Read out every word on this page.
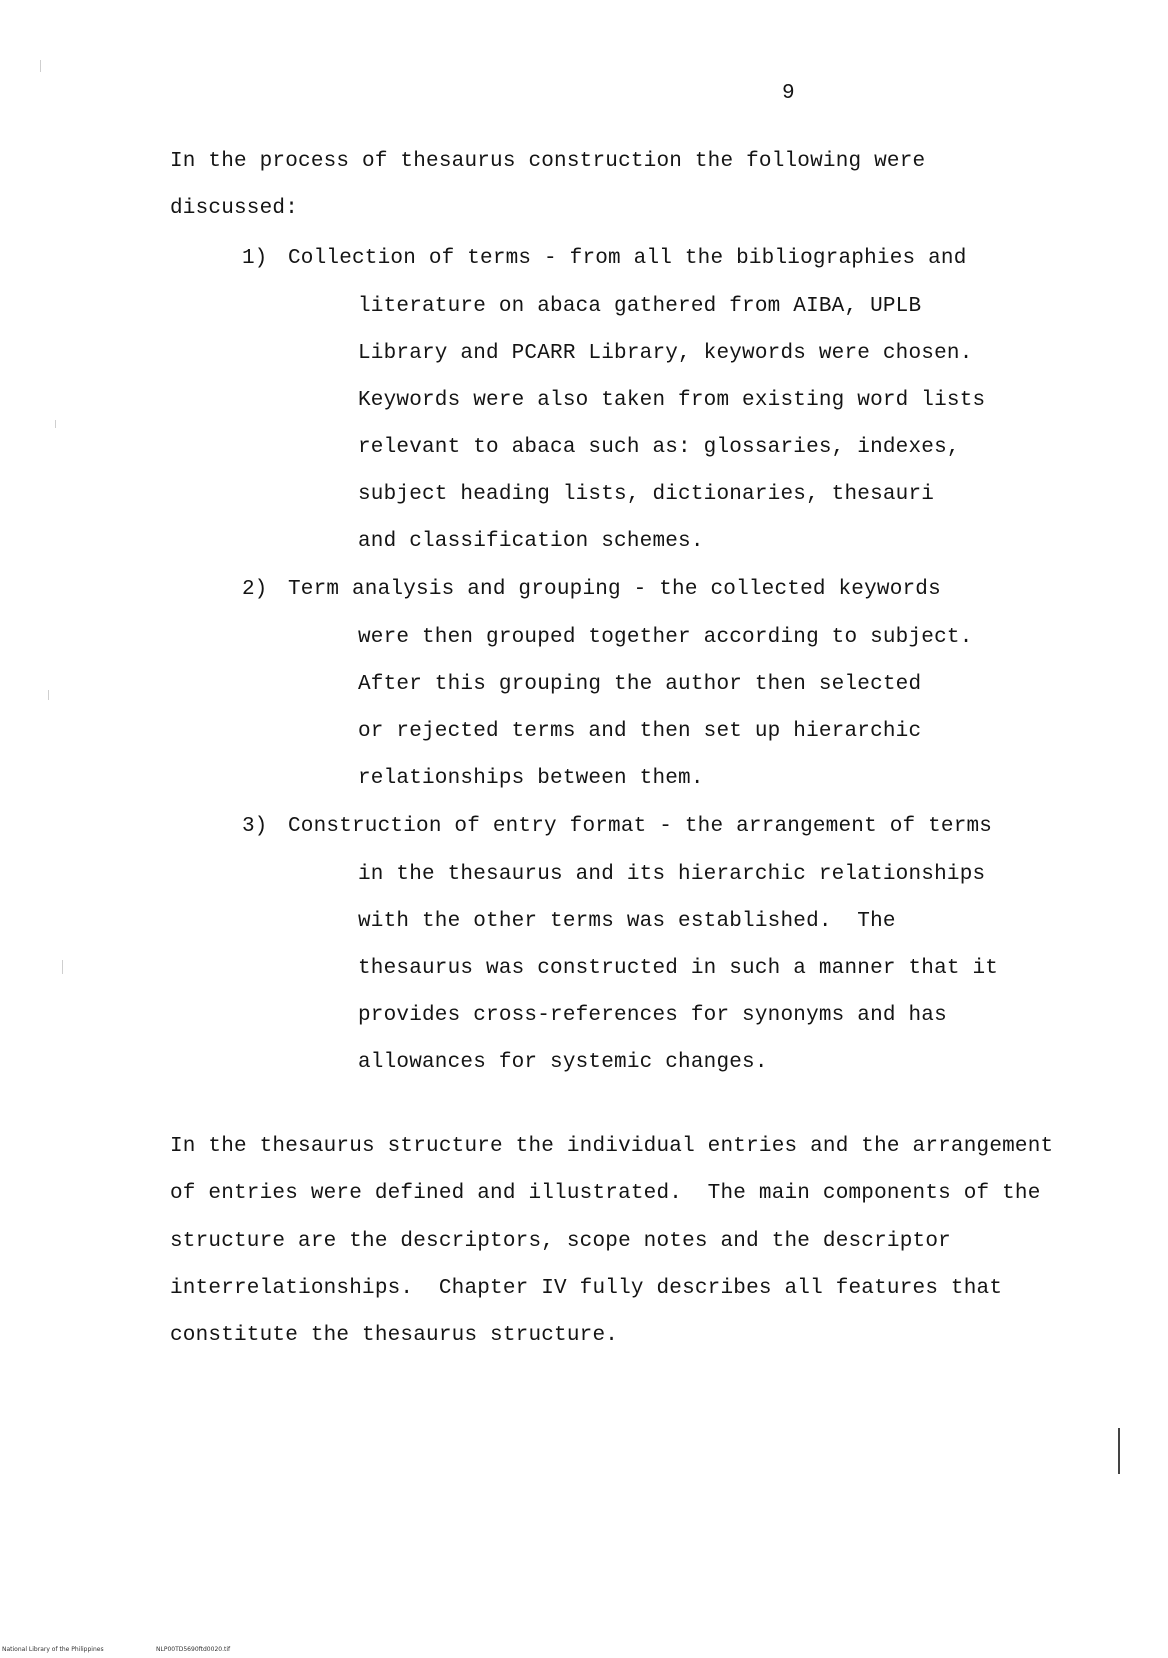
9
In the process of thesaurus construction the following were
discussed:
1) Collection of terms - from all the bibliographies and
literature on abaca gathered from AIBA, UPLB
Library and PCARR Library, keywords were chosen.
Keywords were also taken from existing word lists
relevant to abaca such as: glossaries, indexes,
subject heading lists, dictionaries, thesauri
and classification schemes.
2) Term analysis and grouping - the collected keywords
were then grouped together according to subject.
After this grouping the author then selected
or rejected terms and then set up hierarchic
relationships between them.
3) Construction of entry format - the arrangement of terms
in the thesaurus and its hierarchic relationships
with the other terms was established.  The
thesaurus was constructed in such a manner that it
provides cross-references for synonyms and has
allowances for systemic changes.
In the thesaurus structure the individual entries and the arrangement
of entries were defined and illustrated.  The main components of the
structure are the descriptors, scope notes and the descriptor
interrelationships.  Chapter IV fully describes all features that
constitute the thesaurus structure.
National Library of the Philippines	NLP00TD5690ftd0020.tif
